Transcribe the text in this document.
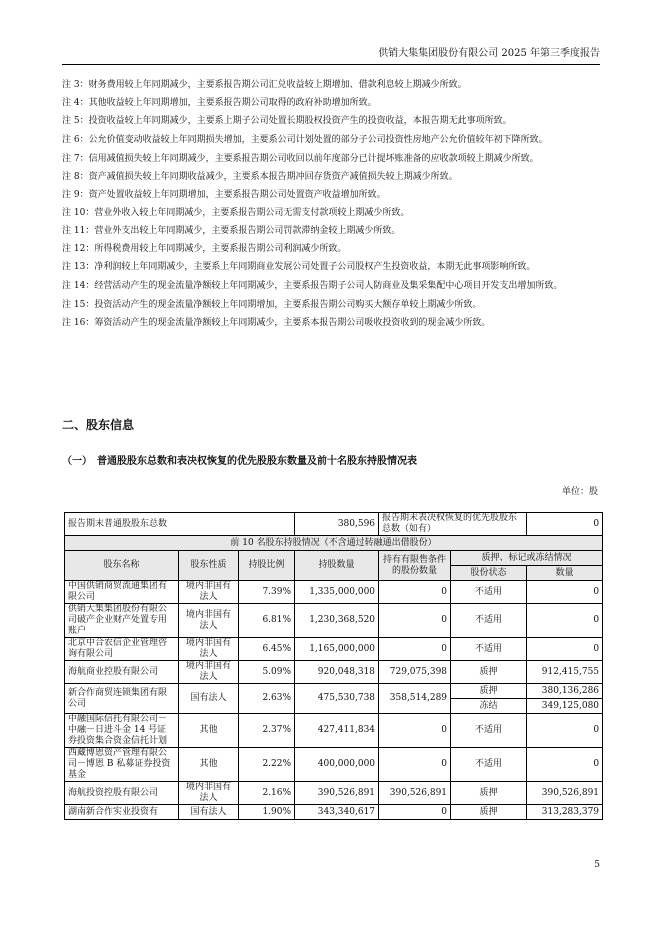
供销大集集团股份有限公司 2025 年第三季度报告

注 3：财务费用较上年同期减少，主要系报告期公司汇兑收益较上期增加、借款利息较上期减少所致。

注 4：其他收益较上年同期增加，主要系报告期公司取得的政府补助增加所致。

注 5：投资收益较上年同期减少，主要系上期子公司处置长期股权投资产生的投资收益，本报告期无此事项所致。

注 6：公允价值变动收益较上年同期损失增加，主要系公司计划处置的部分子公司投资性房地产公允价值较年初下降所致。

注 7：信用减值损失较上年同期减少，主要系报告期公司收回以前年度部分已计提坏账准备的应收款项较上期减少所致。

注 8：资产减值损失较上年同期收益减少，主要系本报告期冲回存货资产减值损失较上期减少所致。

注 9：资产处置收益较上年同期增加，主要系报告期公司处置资产收益增加所致。

注 10：营业外收入较上年同期减少，主要系报告期公司无需支付款项较上期减少所致。

注 11：营业外支出较上年同期减少，主要系报告期公司罚款滞纳金较上期减少所致。

注 12：所得税费用较上年同期减少，主要系报告期公司利润减少所致。

注 13：净利润较上年同期减少，主要系上年同期商业发展公司处置子公司股权产生投资收益，本期无此事项影响所致。

注 14：经营活动产生的现金流量净额较上年同期减少，主要系报告期子公司人防商业及集采集配中心项目开发支出增加所致。

注 15：投资活动产生的现金流量净额较上年同期增加，主要系报告期公司购买大额存单较上期减少所致。

注 16：筹资活动产生的现金流量净额较上年同期减少，主要系本报告期公司吸收投资收到的现金减少所致。

二、股东信息
（一）　普通股股东总数和表决权恢复的优先股股东数量及前十名股东持股情况表
单位：股
报告期末普通股股东总数			380,596	报告期末表决权恢复的优先股股东总数（如有）		0
前 10 名股东持股情况（不含通过转融通出借股份）						
股东名称	股东性质	持股比例	持股数量	持有有限售条件的股份数量	质押、标记或冻结情况	
					股份状态	数量
中国供销商贸流通集团有限公司	境内非国有法人	7.39%	1,335,000,000	0	不适用	0
供销大集集团股份有限公司破产企业财产处置专用账户	境内非国有法人	6.81%	1,230,368,520	0	不适用	0
北京中合农信企业管理咨询有限公司	境内非国有法人	6.45%	1,165,000,000	0	不适用	0
海航商业控股有限公司	境内非国有法人	5.09%	920,048,318	729,075,398	质押	912,415,755
新合作商贸连锁集团有限公司	国有法人	2.63%	475,530,738	358,514,289	质押	380,136,286
					冻结	349,125,080
中融国际信托有限公司－中融－日进斗金 14 号证券投资集合资金信托计划	其他	2.37%	427,411,834	0	不适用	0
西藏博恩资产管理有限公司－博恩 B 私募证券投资基金	其他	2.22%	400,000,000	0	不适用	0
海航投资控股有限公司	境内非国有法人	2.16%	390,526,891	390,526,891	质押	390,526,891
湖南新合作实业投资有	国有法人	1.90%	343,340,617	0	质押	313,283,379
5
